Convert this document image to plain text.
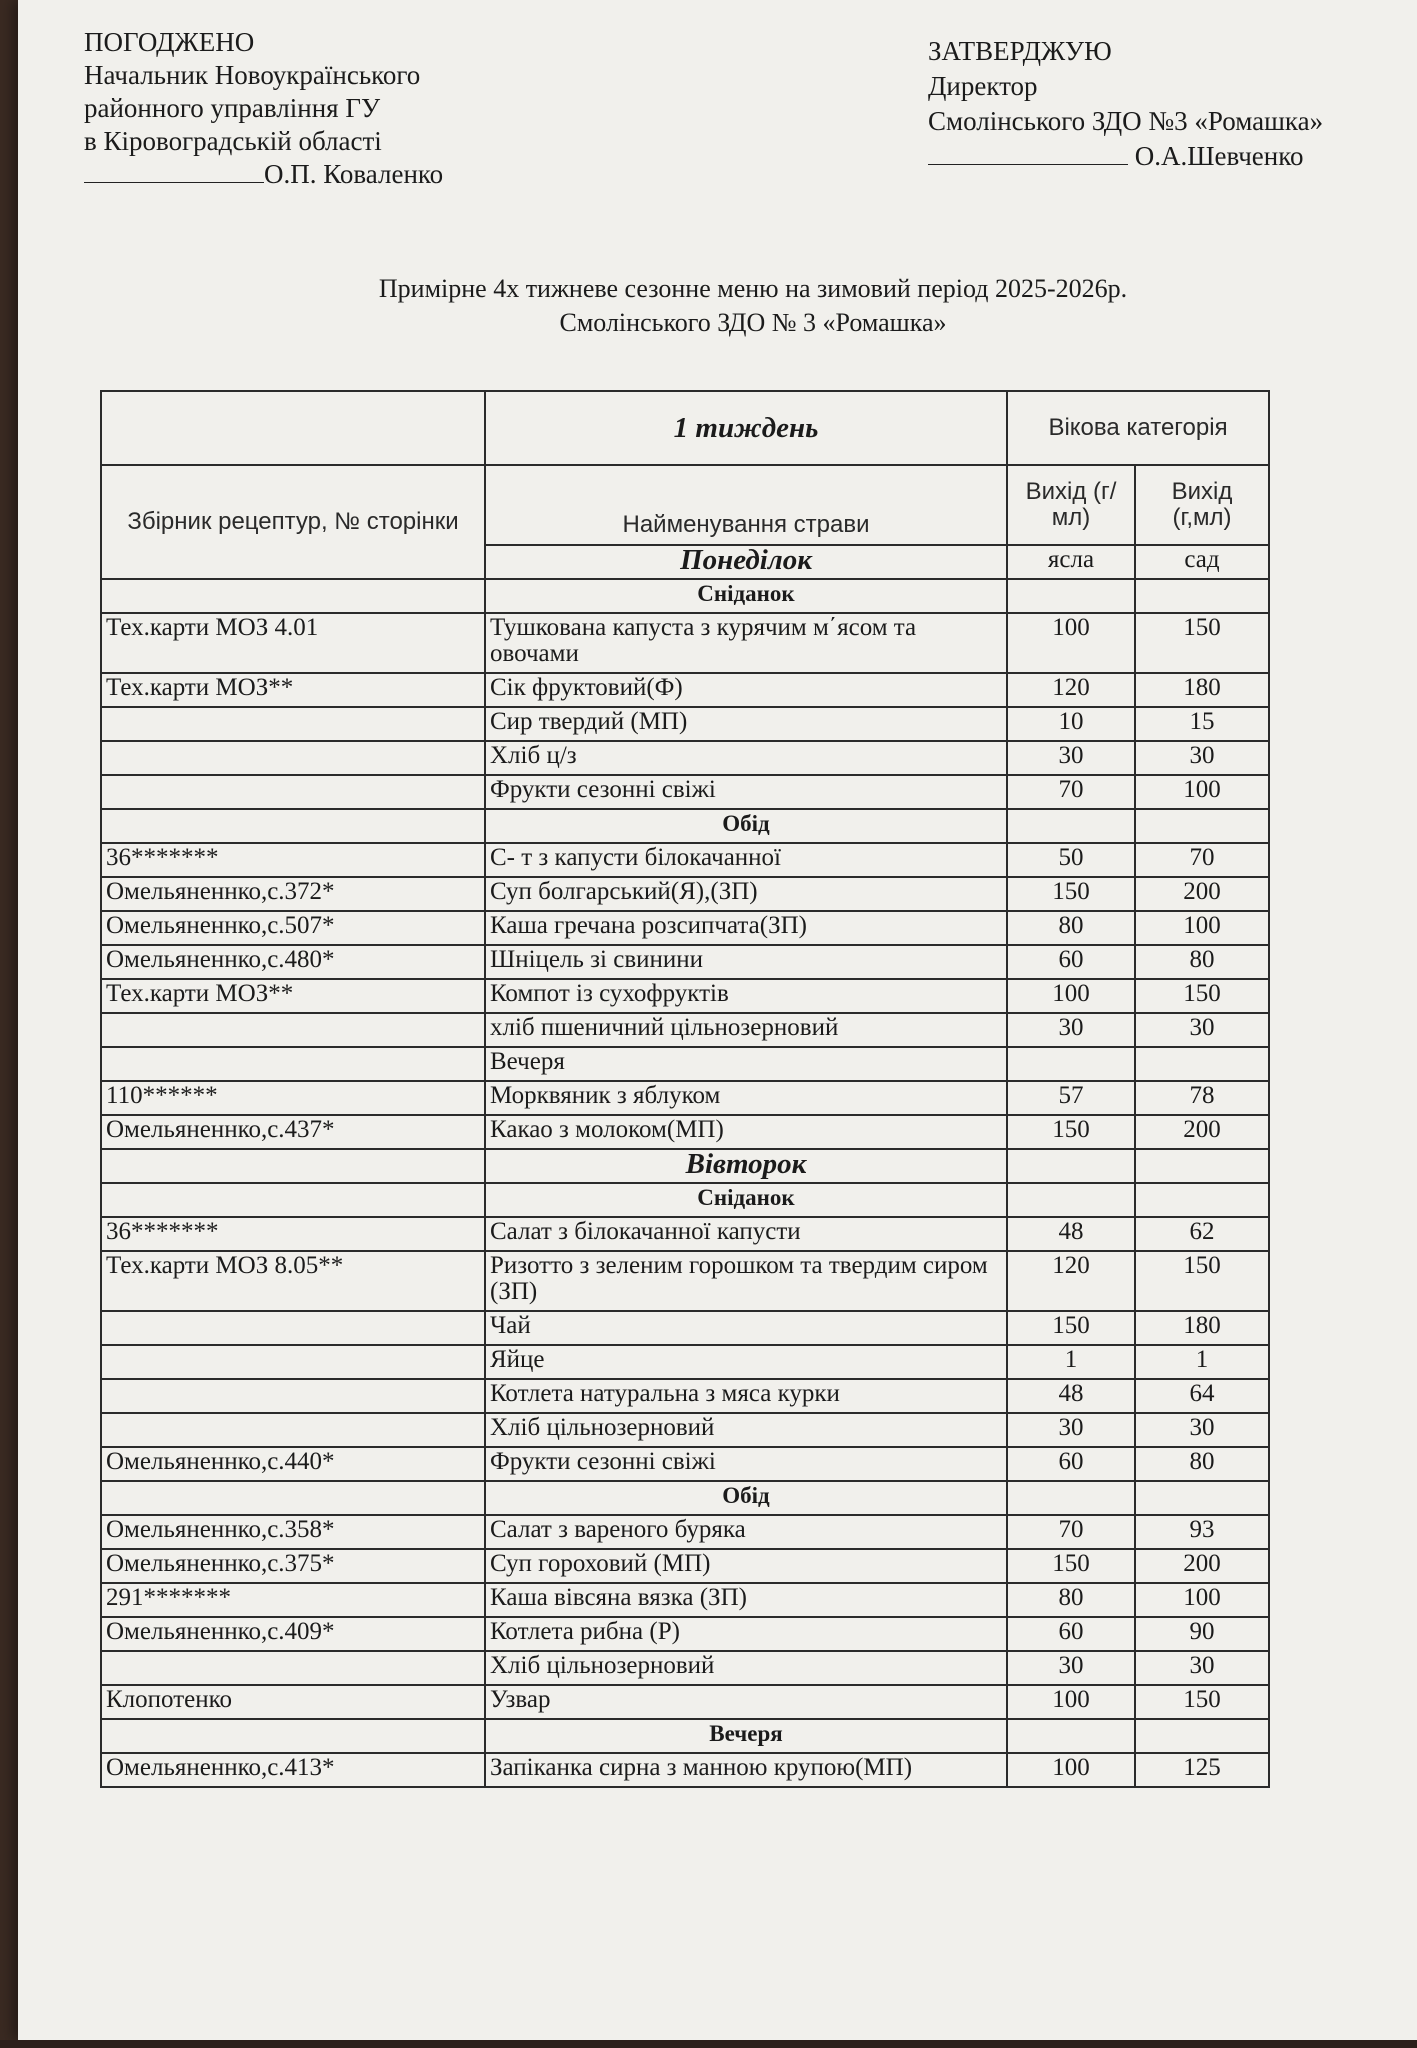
ПОГОДЖЕНО
Начальник Новоукраїнського
районного управління ГУ
в Кіровоградській області
О.П. Коваленко
ЗАТВЕРДЖУЮ
Директор
Смолінського ЗДО №3 «Ромашка»
О.А.Шевченко
Примірне 4х тижневе сезонне меню на зимовий період 2025-2026р.
Смолінського ЗДО № 3 «Ромашка»
	1 тиждень	Вікова категорія	
Збірник рецептур, № сторінки	Найменування страви	Вихід (г/мл)	Вихід (г,мл)
	Понеділок	ясла	сад
	Сніданок		
Тех.карти МОЗ 4.01	Тушкована капуста з курячим м΄ясом та овочами	100	150
Тех.карти МОЗ**	Сік фруктовий(Ф)	120	180
	Сир твердий (МП)	10	15
	Хліб ц/з	30	30
	Фрукти сезонні свіжі	70	100
	Обід		
36*******	С- т з капусти білокачанної	50	70
Омельяненнко,с.372*	Суп болгарський(Я),(ЗП)	150	200
Омельяненнко,с.507*	Каша гречана розсипчата(ЗП)	80	100
Омельяненнко,с.480*	Шніцель зі свинини	60	80
Тех.карти МОЗ**	Компот із сухофруктів	100	150
	хліб пшеничний цільнозерновий	30	30
	Вечеря		
110******	Морквяник з яблуком	57	78
Омельяненнко,с.437*	Какао з молоком(МП)	150	200
	Вівторок		
	Сніданок		
36*******	Салат з білокачанної капусти	48	62
Тех.карти МОЗ 8.05**	Ризотто з зеленим горошком та твердим сиром (ЗП)	120	150
	Чай	150	180
	Яйце	1	1
	Котлета натуральна з мяса курки	48	64
	Хліб цільнозерновий	30	30
Омельяненнко,с.440*	Фрукти сезонні свіжі	60	80
	Обід		
Омельяненнко,с.358*	Салат з вареного буряка	70	93
Омельяненнко,с.375*	Суп гороховий (МП)	150	200
291*******	Каша вівсяна вязка (ЗП)	80	100
Омельяненнко,с.409*	Котлета рибна (Р)	60	90
	Хліб цільнозерновий	30	30
Клопотенко	Узвар	100	150
	Вечеря		
Омельяненнко,с.413*	Запіканка сирна з манною крупою(МП)	100	125
